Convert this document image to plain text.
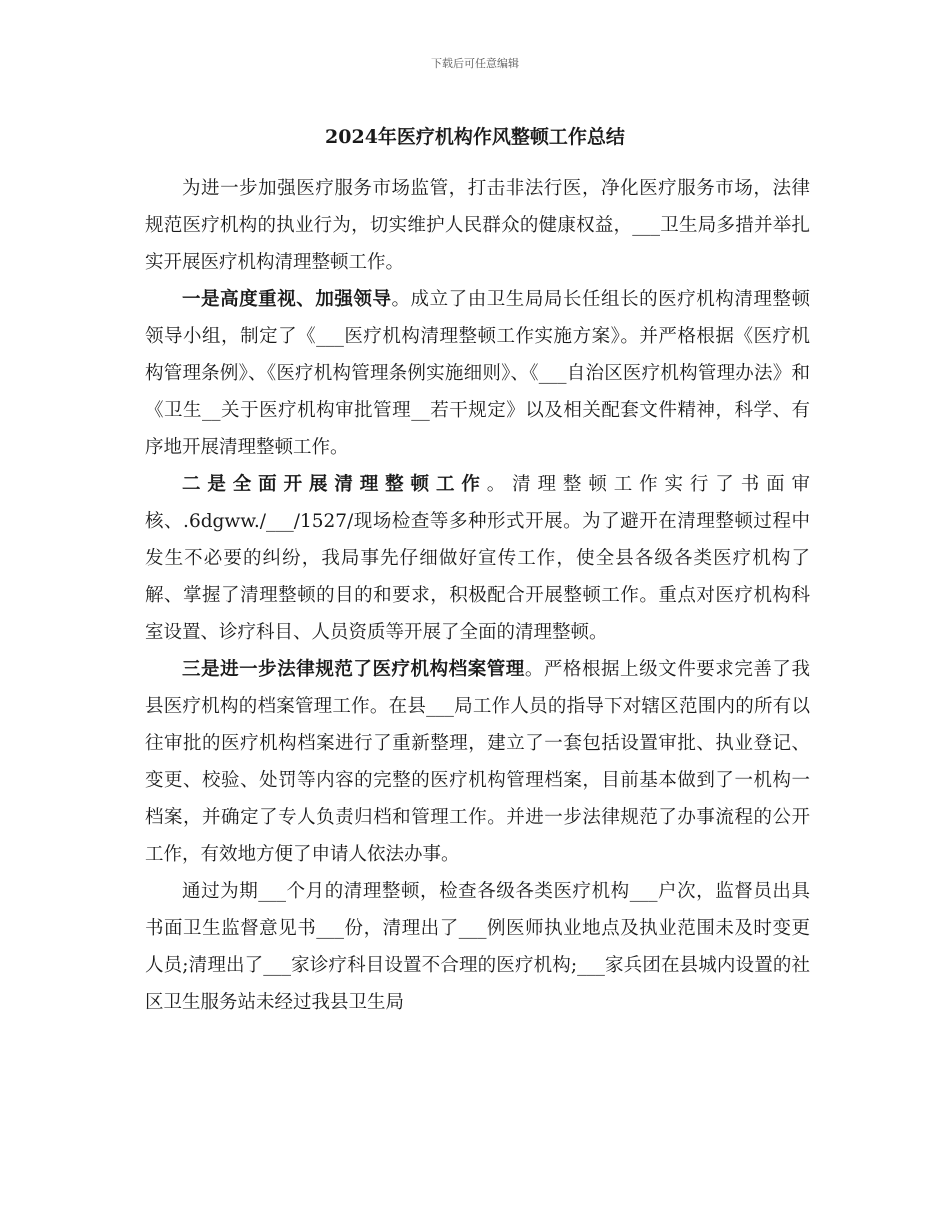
下载后可任意编辑
2024年医疗机构作风整顿工作总结

为进一步加强医疗服务市场监管，打击非法行医，净化医疗服务市场，法律规范医疗机构的执业行为，切实维护人民群众的健康权益，___卫生局多措并举扎实开展医疗机构清理整顿工作。

一是高度重视、加强领导。成立了由卫生局局长任组长的医疗机构清理整顿领导小组，制定了《___医疗机构清理整顿工作实施方案》。并严格根据《医疗机构管理条例》、《医疗机构管理条例实施细则》、《___自治区医疗机构管理办法》和《卫生__关于医疗机构审批管理__若干规定》以及相关配套文件精神，科学、有序地开展清理整顿工作。

二是全面开展清理整顿工作。清理整顿工作实行了书面审核、.6dgww./___/1527/现场检查等多种形式开展。为了避开在清理整顿过程中发生不必要的纠纷，我局事先仔细做好宣传工作，使全县各级各类医疗机构了解、掌握了清理整顿的目的和要求，积极配合开展整顿工作。重点对医疗机构科室设置、诊疗科目、人员资质等开展了全面的清理整顿。

三是进一步法律规范了医疗机构档案管理。严格根据上级文件要求完善了我县医疗机构的档案管理工作。在县___局工作人员的指导下对辖区范围内的所有以往审批的医疗机构档案进行了重新整理，建立了一套包括设置审批、执业登记、变更、校验、处罚等内容的完整的医疗机构管理档案，目前基本做到了一机构一档案，并确定了专人负责归档和管理工作。并进一步法律规范了办事流程的公开工作，有效地方便了申请人依法办事。

通过为期___个月的清理整顿，检查各级各类医疗机构___户次，监督员出具书面卫生监督意见书___份，清理出了___例医师执业地点及执业范围未及时变更人员;清理出了___家诊疗科目设置不合理的医疗机构;___家兵团在县城内设置的社区卫生服务站未经过我县卫生局
